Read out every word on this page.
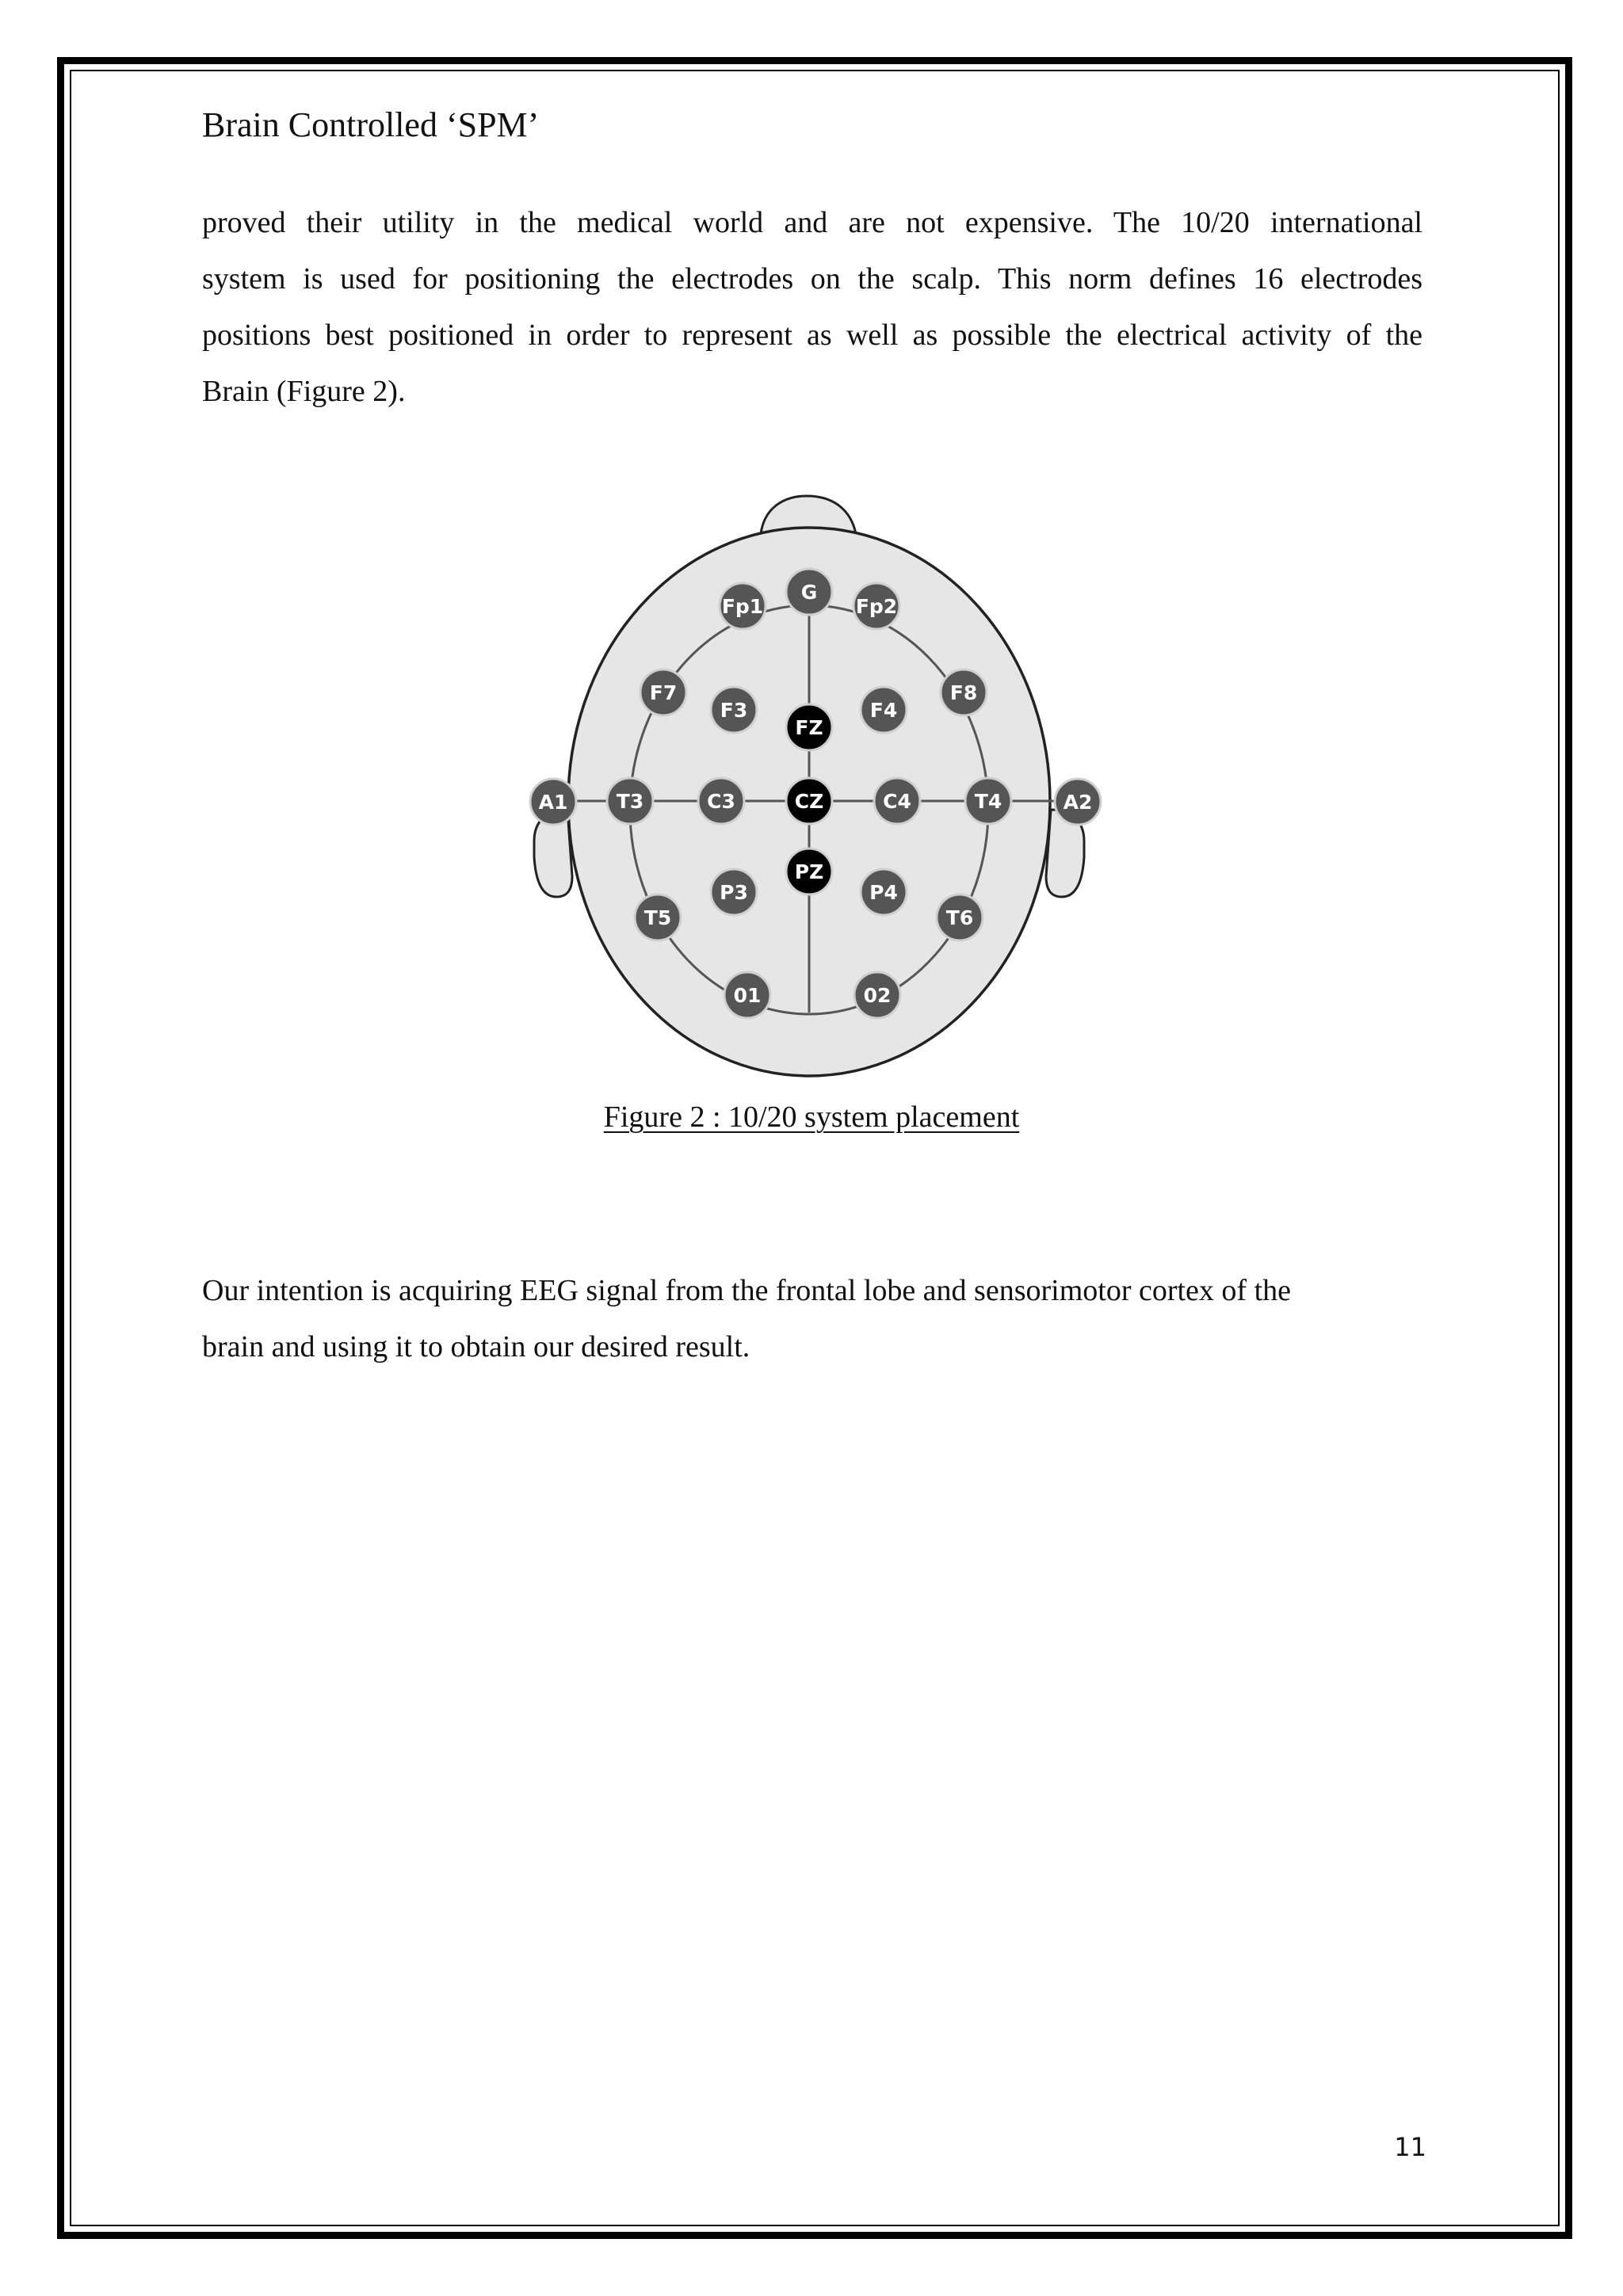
Brain Controlled ‘SPM’

proved their utility in the medical world and are not expensive. The 10/20 international
system is used for positioning the electrodes on the scalp. This norm defines 16 electrodes
positions best positioned in order to represent as well as possible the electrical activity of the
Brain (Figure 2).

G
Fp1	Fp2
F7
F3
FZ
F4
F8
A1 T3	C3	CZ	C4	T4	A2
PZ
P3	P4
T5	T6
01	02
Figure 2 : 10/20 system placement

Our intention is acquiring EEG signal from the frontal lobe and sensorimotor cortex of the
brain and using it to obtain our desired result.

11
